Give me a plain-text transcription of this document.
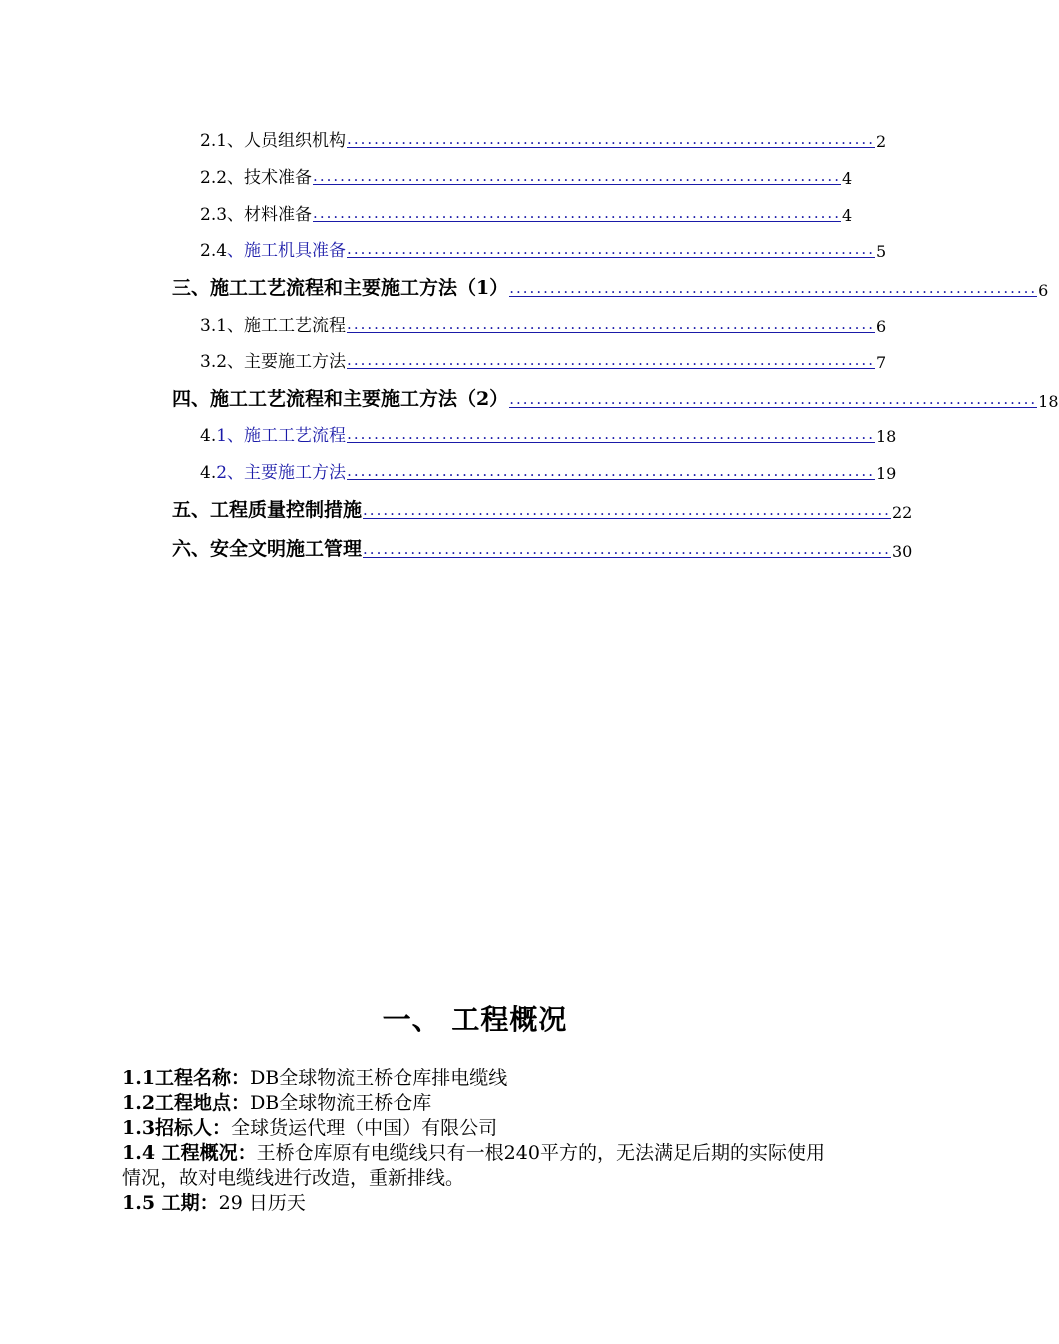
2.1、 人员组织机构 .............................................................................. 2
2.2、 技术准备 .............................................................................. 4
2.3、 材料准备 .............................................................................. 4
2.4 、施工机具准备 .............................................................................. 5
三、 施工工艺流程和主要施工方法（1） .............................................................................. 6
3.1、 施工工艺流程 .............................................................................. 6
3.2、 主要施工方法 .............................................................................. 7
四、 施工工艺流程和主要施工方法（2） .............................................................................. 18
4. 1、施工工艺流程 .............................................................................. 18
4. 2、主要施工方法 .............................................................................. 19
五、 工程质量控制措施 .............................................................................. 22
六、 安全文明施工管理 .............................................................................. 30
一、 工程概况

1.1工程名称：DB全球物流王桥仓库排电缆线

1.2工程地点：DB全球物流王桥仓库

1.3招标人：全球货运代理（中国）有限公司

1.4 工程概况：王桥仓库原有电缆线只有一根240平方的，无法满足后期的实际使用情况，故对电缆线进行改造，重新排线。

1.5 工期：29 日历天
